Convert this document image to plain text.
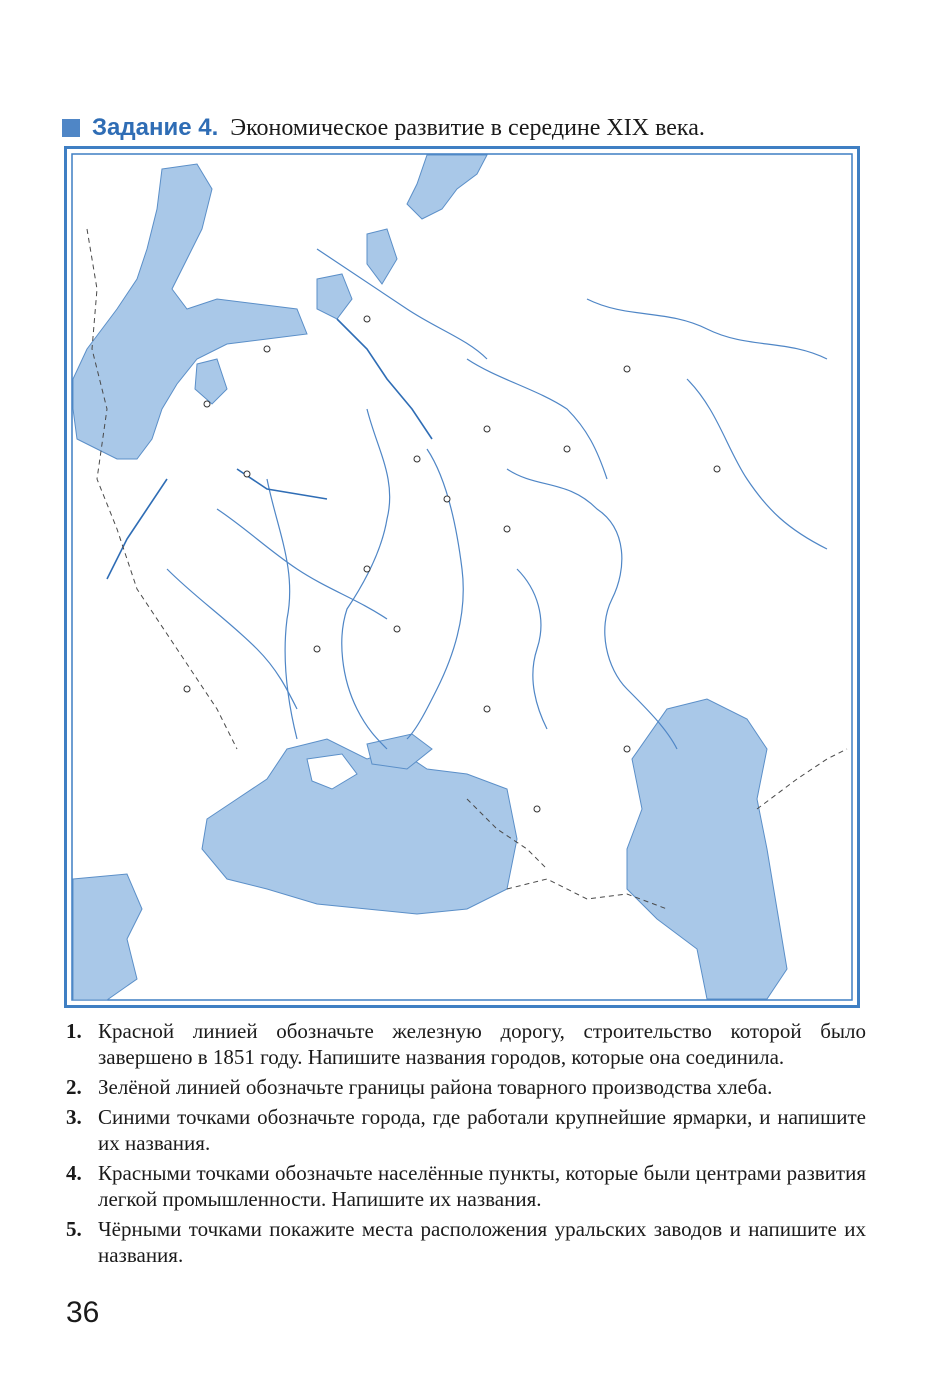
Задание 4. Экономическое развитие в середине XIX века.
1. Красной линией обозначьте железную дорогу, строительство которой было завершено в 1851 году. Напишите названия городов, которые она соединила.
2. Зелёной линией обозначьте границы района товарного производства хлеба.
3. Синими точками обозначьте города, где работали крупнейшие ярмарки, и напишите их названия.
4. Красными точками обозначьте населённые пункты, которые были центрами развития легкой промышленности. Напишите их названия.
5. Чёрными точками покажите места расположения уральских заводов и напишите их названия.
36
